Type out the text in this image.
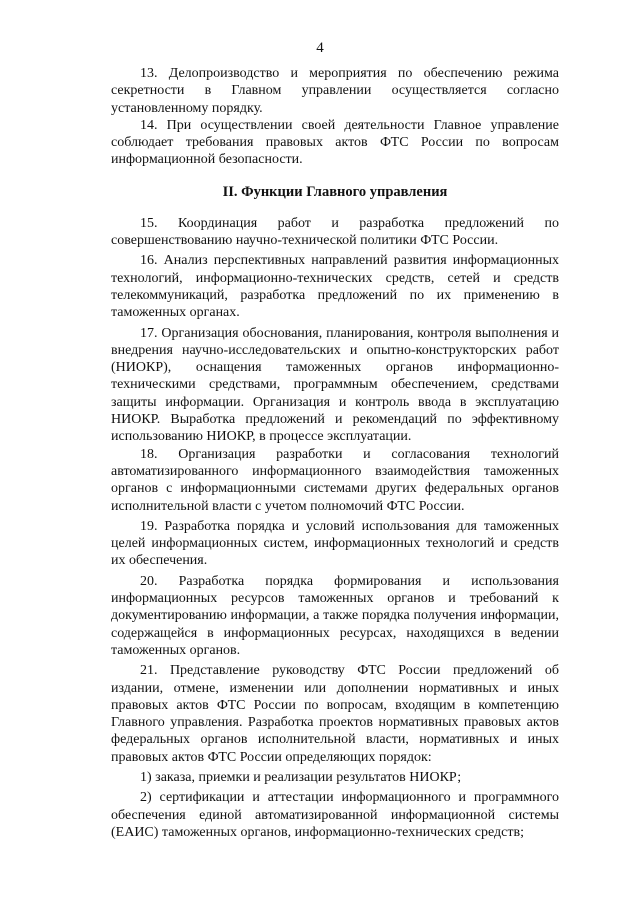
4

13. Делопроизводство и мероприятия по обеспечению режима секретности в Главном управлении осуществляется согласно установленному порядку.

14. При осуществлении своей деятельности Главное управление соблюдает требования правовых актов ФТС России по вопросам информационной безопасности.

II. Функции Главного управления

15. Координация работ и разработка предложений по совершенствованию научно-технической политики ФТС России.

16. Анализ перспективных направлений развития информационных технологий, информационно-технических средств, сетей и средств телекоммуникаций, разработка предложений по их применению в таможенных органах.

17. Организация обоснования, планирования, контроля выполнения и внедрения научно-исследовательских и опытно-конструкторских работ (НИОКР), оснащения таможенных органов информационно-техническими средствами, программным обеспечением, средствами защиты информации. Организация и контроль ввода в эксплуатацию НИОКР. Выработка предложений и рекомендаций по эффективному использованию НИОКР, в процессе эксплуатации.

18. Организация разработки и согласования технологий автоматизированного информационного взаимодействия таможенных органов с информационными системами других федеральных органов исполнительной власти с учетом полномочий ФТС России.

19. Разработка порядка и условий использования для таможенных целей информационных систем, информационных технологий и средств их обеспечения.

20. Разработка порядка формирования и использования информационных ресурсов таможенных органов и требований к документированию информации, а также порядка получения информации, содержащейся в информационных ресурсах, находящихся в ведении таможенных органов.

21. Представление руководству ФТС России предложений об издании, отмене, изменении или дополнении нормативных и иных правовых актов ФТС России по вопросам, входящим в компетенцию Главного управления. Разработка проектов нормативных правовых актов федеральных органов исполнительной власти, нормативных и иных правовых актов ФТС России определяющих порядок:

1) заказа, приемки и реализации результатов НИОКР;

2) сертификации и аттестации информационного и программного обеспечения единой автоматизированной информационной системы (ЕАИС) таможенных органов, информационно-технических средств;
